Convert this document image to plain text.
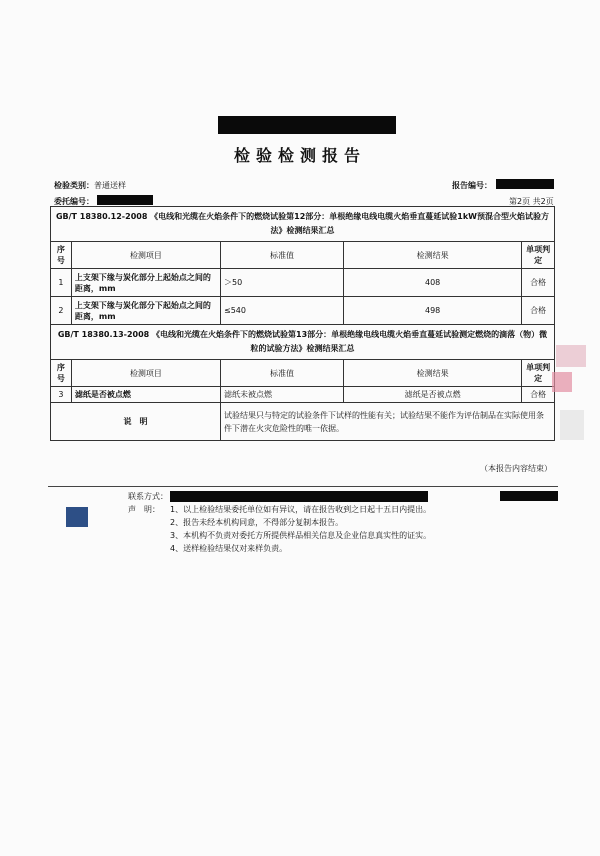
检验检测报告
检验类别：普通送样	报告编号：
委托编号：	第2页 共2页
GB/T 18380.12-2008 《电线和光缆在火焰条件下的燃烧试验第12部分：单根绝缘电线电缆火焰垂直蔓延试验1kW预混合型火焰试验方法》检测结果汇总				
序号	检测项目	标准值	检测结果	单项判定
1	上支架下缘与炭化部分上起始点之间的距离，mm	＞50	408	合格
2	上支架下缘与炭化部分下起始点之间的距离，mm	≤540	498	合格
GB/T 18380.13-2008 《电线和光缆在火焰条件下的燃烧试验第13部分：单根绝缘电线电缆火焰垂直蔓延试验测定燃烧的滴落（物）微粒的试验方法》检测结果汇总				
序号	检测项目	标准值	检测结果	单项判定
3	滤纸是否被点燃	滤纸未被点燃	滤纸是否被点燃	合格
说　明		试验结果只与特定的试验条件下试样的性能有关；试验结果不能作为评估制品在实际使用条件下潜在火灾危险性的唯一依据。		
（本报告内容结束）
联系方式：
声　明：	1、以上检验结果委托单位如有异议，请在报告收到之日起十五日内提出。
2、报告未经本机构同意，不得部分复制本报告。
3、本机构不负责对委托方所提供样品相关信息及企业信息真实性的证实。
4、送样检验结果仅对来样负责。
